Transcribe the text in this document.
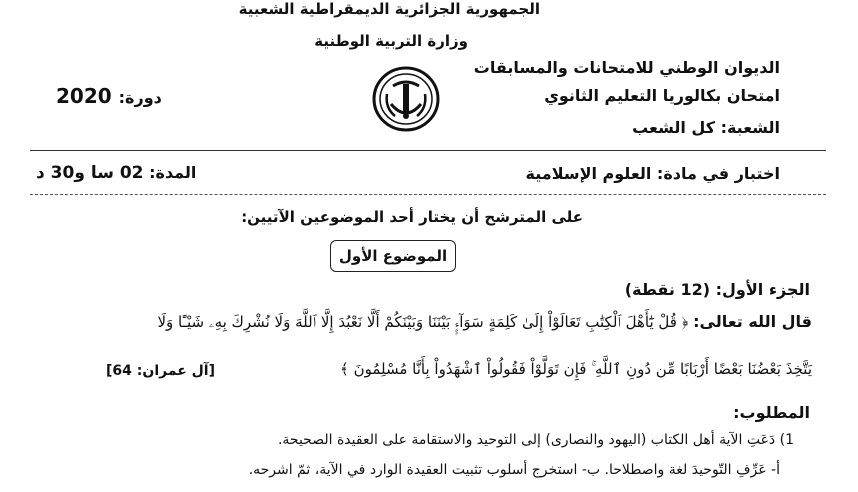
الجمهورية الجزائرية الديمقراطية الشعبية
وزارة التربية الوطنية
الديوان الوطني للامتحانات والمسابقات
امتحان بكالوريا التعليم الثانوي
الشعبة: كل الشعب
دورة: 2020
اختبار في مادة: العلوم الإسلامية
المدة: 02 سا و30 د
على المترشح أن يختار أحد الموضوعين الآتيين:
الموضوع الأول
الجزء الأول: (12 نقطة)
قال الله تعالى: ﴿ قُلْ يَٰٓأَهْلَ ٱلْكِتَٰبِ تَعَالَوْاْ إِلَىٰ كَلِمَةٍ سَوَآءٍۭ بَيْنَنَا وَبَيْنَكُمْ أَلَّا نَعْبُدَ إِلَّا ٱللَّهَ وَلَا نُشْرِكَ بِهِۦ شَيْـًٔا وَلَا
يَتَّخِذَ بَعْضُنَا بَعْضًا أَرْبَابًا مِّن دُونِ ٱللَّهِ ۚ فَإِن تَوَلَّوْاْ فَقُولُواْ ٱشْهَدُواْ بِأَنَّا مُسْلِمُونَ ﴾
[آل عمران: 64]
المطلوب:
1) دَعَتِ الآية أهل الكتاب (اليهود والنصارى) إلى التوحيد والاستقامة على العقيدة الصحيحة.
أ- عَرِّفِ التّوحيدَ لغة واصطلاحا. ب- استخرج أسلوب تثبيت العقيدة الوارد في الآية، ثمّ اشرحه.
